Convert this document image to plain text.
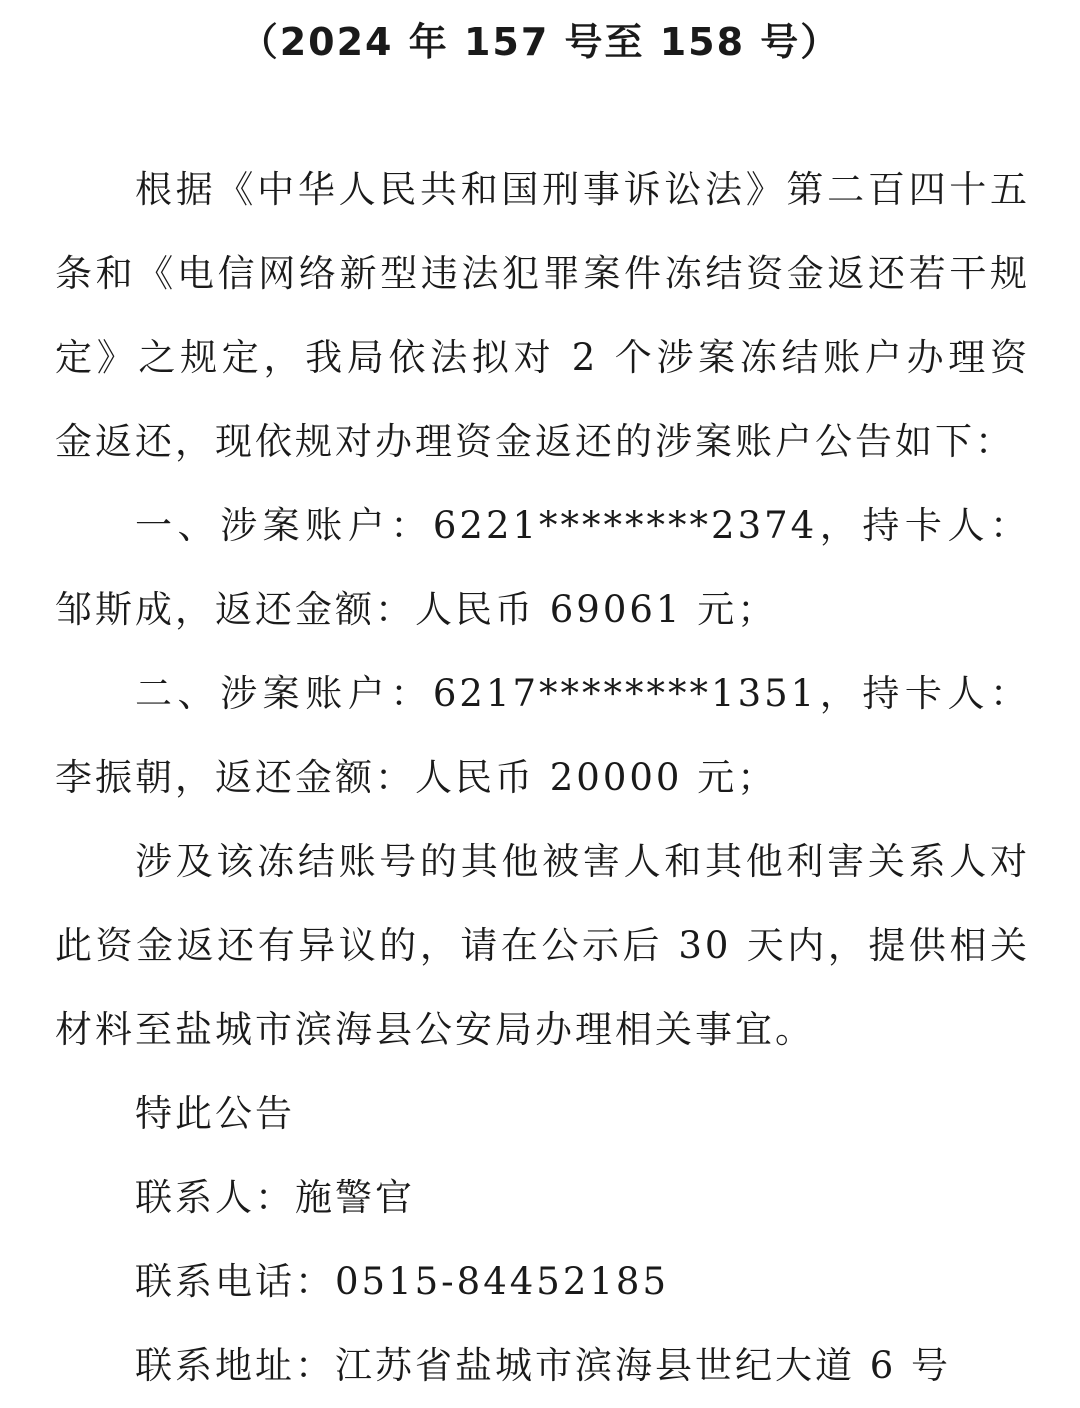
（2024 年 157 号至 158 号）

根据《中华人民共和国刑事诉讼法》第二百四十五条和《电信网络新型违法犯罪案件冻结资金返还若干规定》之规定，我局依法拟对 2 个涉案冻结账户办理资金返还，现依规对办理资金返还的涉案账户公告如下：

一、涉案账户：6221********2374，持卡人：邹斯成，返还金额：人民币 69061 元；

二、涉案账户：6217********1351，持卡人：李振朝，返还金额：人民币 20000 元；

涉及该冻结账号的其他被害人和其他利害关系人对此资金返还有异议的，请在公示后 30 天内，提供相关材料至盐城市滨海县公安局办理相关事宜。

特此公告

联系人：施警官

联系电话：0515-84452185

联系地址：江苏省盐城市滨海县世纪大道 6 号
